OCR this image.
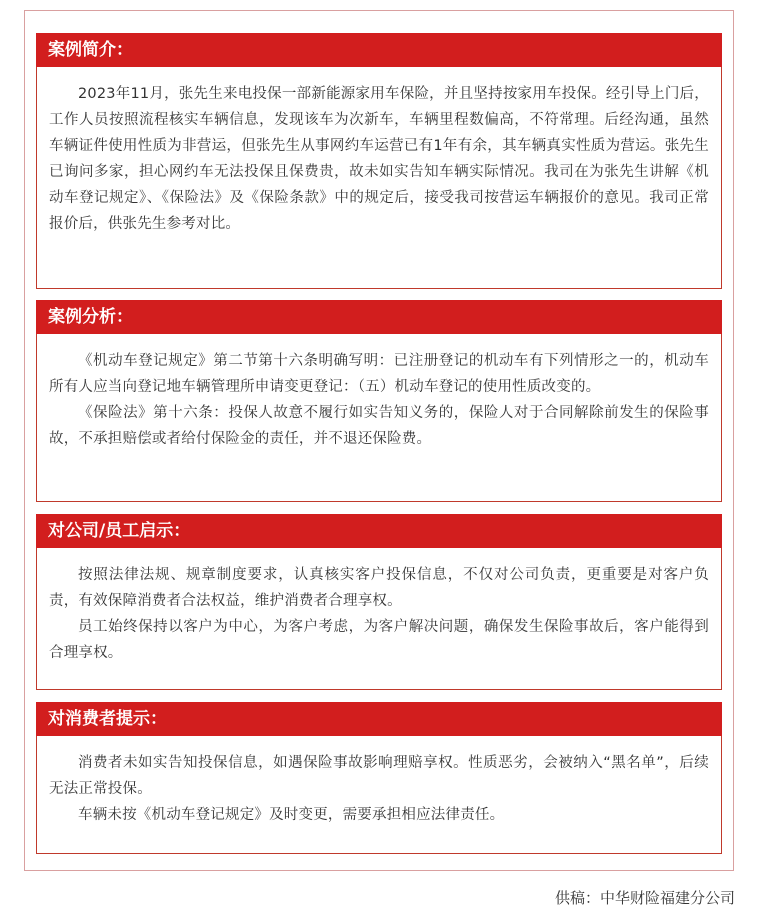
案例简介：

2023年11月，张先生来电投保一部新能源家用车保险，并且坚持按家用车投保。经引导上门后，工作人员按照流程核实车辆信息，发现该车为次新车，车辆里程数偏高，不符常理。后经沟通，虽然车辆证件使用性质为非营运，但张先生从事网约车运营已有1年有余，其车辆真实性质为营运。张先生已询问多家，担心网约车无法投保且保费贵，故未如实告知车辆实际情况。我司在为张先生讲解《机动车登记规定》、《保险法》及《保险条款》中的规定后，接受我司按营运车辆报价的意见。我司正常报价后，供张先生参考对比。

案例分析：

《机动车登记规定》第二节第十六条明确写明：已注册登记的机动车有下列情形之一的，机动车所有人应当向登记地车辆管理所申请变更登记：（五）机动车登记的使用性质改变的。

《保险法》第十六条：投保人故意不履行如实告知义务的，保险人对于合同解除前发生的保险事故，不承担赔偿或者给付保险金的责任，并不退还保险费。

对公司/员工启示：

按照法律法规、规章制度要求，认真核实客户投保信息，不仅对公司负责，更重要是对客户负责，有效保障消费者合法权益，维护消费者合理享权。

员工始终保持以客户为中心，为客户考虑，为客户解决问题，确保发生保险事故后，客户能得到合理享权。

对消费者提示：

消费者未如实告知投保信息，如遇保险事故影响理赔享权。性质恶劣，会被纳入“黑名单”，后续无法正常投保。

车辆未按《机动车登记规定》及时变更，需要承担相应法律责任。

供稿：中华财险福建分公司
